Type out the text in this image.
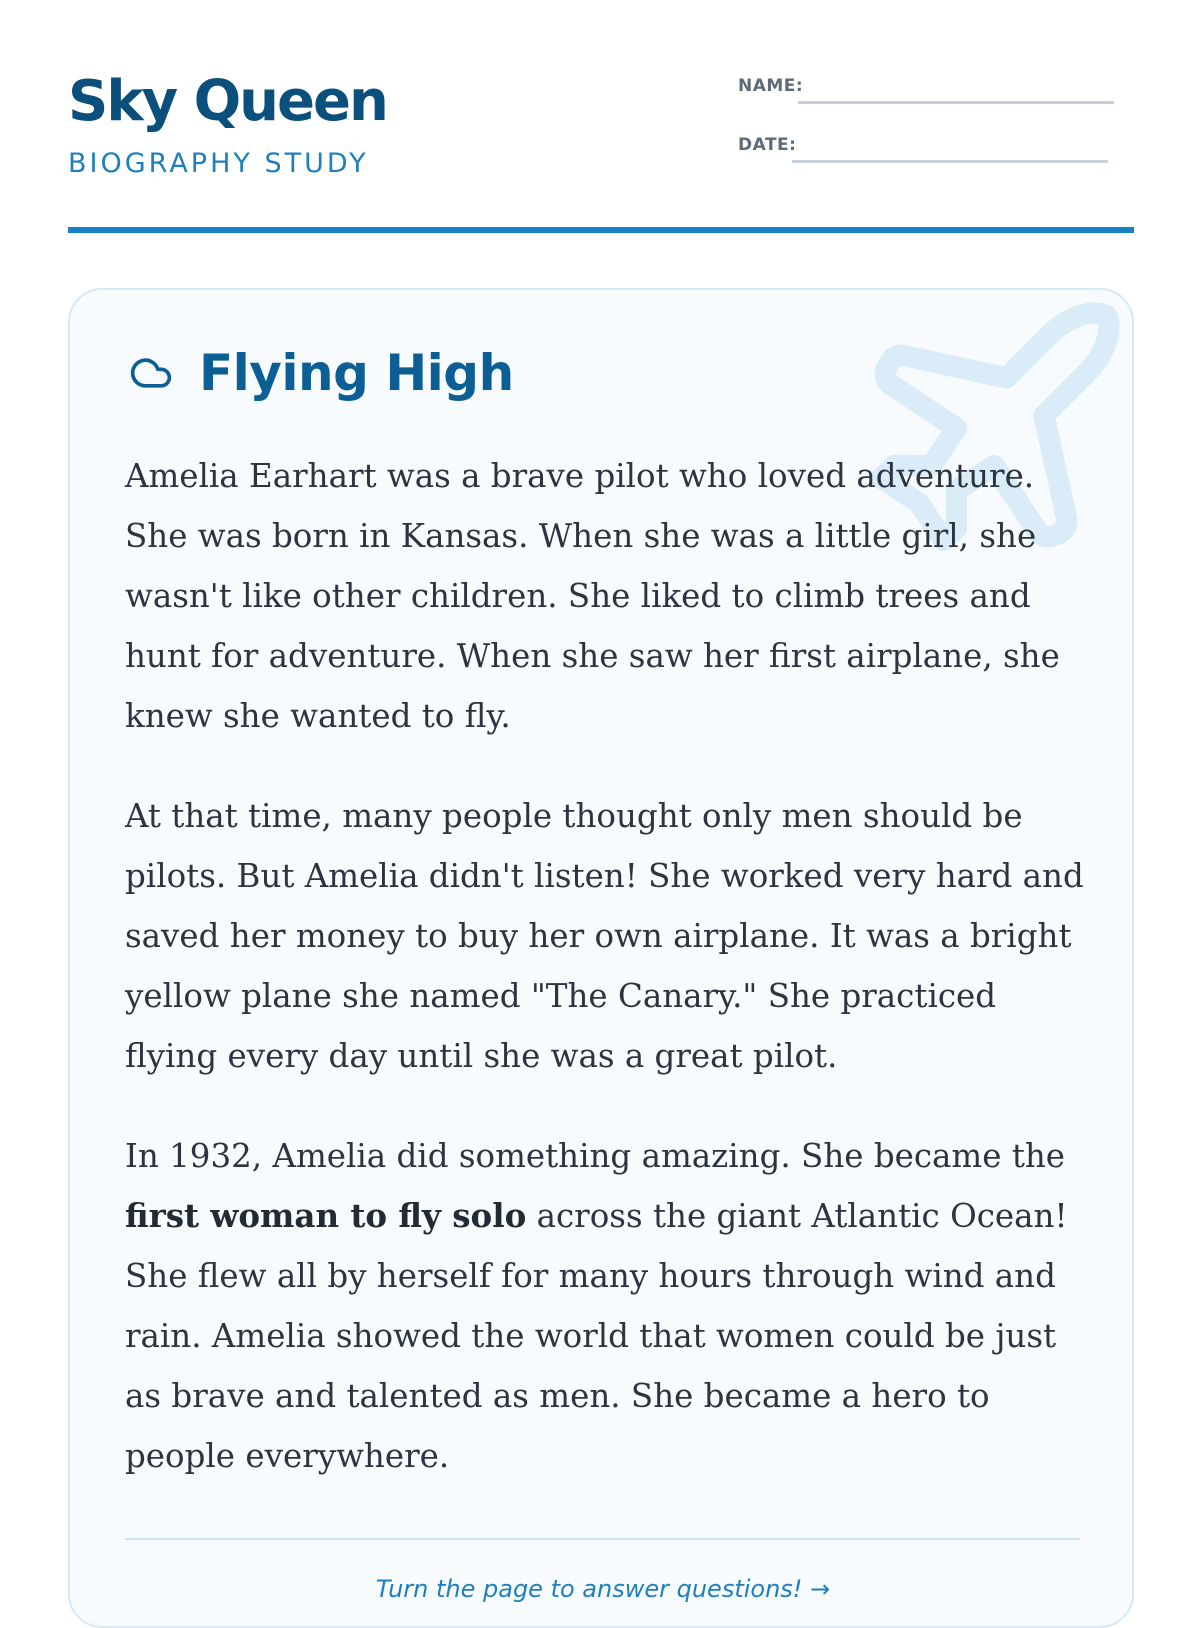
Sky Queen
BIOGRAPHY STUDY
NAME:
DATE:
Flying High

Amelia Earhart was a brave pilot who loved adventure. She was born in Kansas. When she was a little girl, she wasn't like other children. She liked to climb trees and hunt for adventure. When she saw her first airplane, she knew she wanted to fly.

At that time, many people thought only men should be pilots. But Amelia didn't listen! She worked very hard and saved her money to buy her own airplane. It was a bright yellow plane she named "The Canary." She practiced flying every day until she was a great pilot.

In 1932, Amelia did something amazing. She became the first woman to fly solo across the giant Atlantic Ocean! She flew all by herself for many hours through wind and rain. Amelia showed the world that women could be just as brave and talented as men. She became a hero to people everywhere.

Turn the page to answer questions! →
